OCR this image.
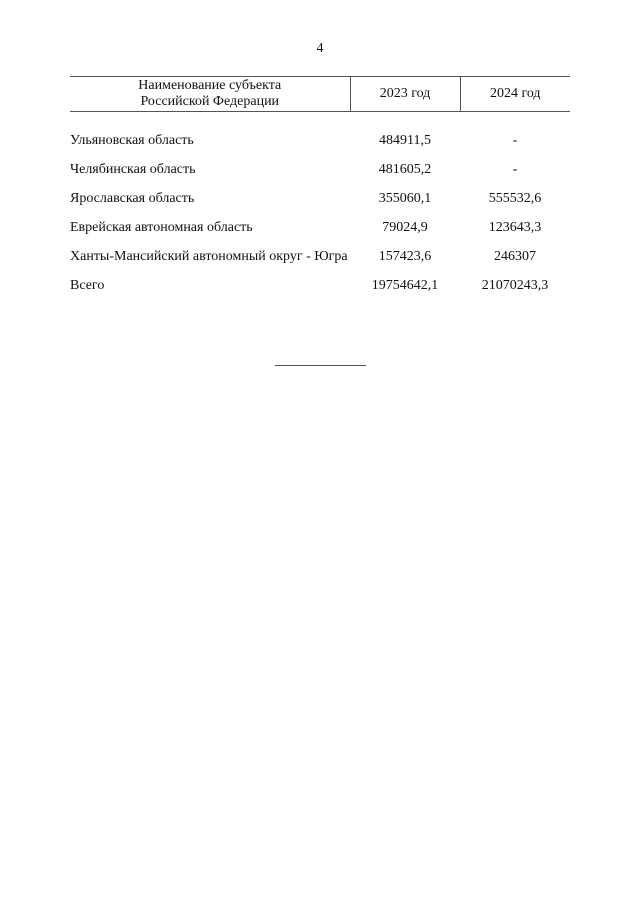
4
Наименование субъекта
Российской Федерации	2023 год	2024 год

Ульяновская область	484911,5	-
Челябинская область	481605,2	-
Ярославская область	355060,1	555532,6
Еврейская автономная область	79024,9	123643,3
Ханты-Мансийский автономный округ - Югра	157423,6	246307
Всего	19754642,1	21070243,3
